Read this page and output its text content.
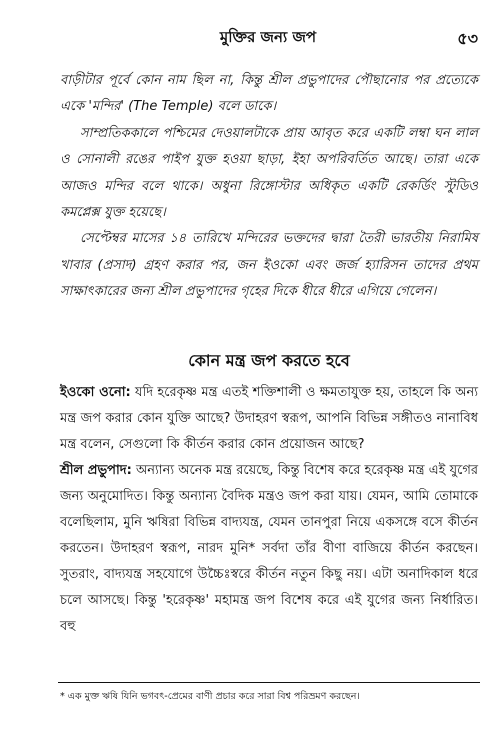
মুক্তির জন্য জপ	৫৩

বাড়ীটার পূর্বে কোন নাম ছিল না, কিন্তু শ্রীল প্রভুপাদের পৌছানোর পর প্রত্যেকে একে 'মন্দির' (The Temple) বলে ডাকে।

সাম্প্রতিককালে পশ্চিমের দেওয়ালটাকে প্রায় আবৃত করে একটি লম্বা ঘন লাল ও সোনালী রঙের পাইপ যুক্ত হওয়া ছাড়া, ইহা অপরিবর্তিত আছে। তারা একে আজও মন্দির বলে থাকে। অধুনা রিঙ্গোস্টার অধিকৃত একটি রেকর্ডিং স্টুডিও কমপ্লেক্স যুক্ত হয়েছে।

সেপ্টেম্বর মাসের ১৪ তারিখে মন্দিরের ভক্তদের দ্বারা তৈরী ভারতীয় নিরামিষ খাবার (প্রসাদ) গ্রহণ করার পর, জন ইওকো এবং জর্জ হ্যারিসন তাদের প্রথম সাক্ষাৎকারের জন্য শ্রীল প্রভুপাদের গৃহের দিকে ধীরে ধীরে এগিয়ে গেলেন।

কোন মন্ত্র জপ করতে হবে

ইওকো ওনো: যদি হরেকৃষ্ণ মন্ত্র এতই শক্তিশালী ও ক্ষমতাযুক্ত হয়, তাহলে কি অন্য মন্ত্র জপ করার কোন যুক্তি আছে? উদাহরণ স্বরূপ, আপনি বিভিন্ন সঙ্গীতও নানাবিধ মন্ত্র বলেন, সেগুলো কি কীর্তন করার কোন প্রয়োজন আছে?

শ্রীল প্রভুপাদ: অন্যান্য অনেক মন্ত্র রয়েছে, কিন্তু বিশেষ করে হরেকৃষ্ণ মন্ত্র এই যুগের জন্য অনুমোদিত। কিন্তু অন্যান্য বৈদিক মন্ত্রও জপ করা যায়। যেমন, আমি তোমাকে বলেছিলাম, মুনি ঋষিরা বিভিন্ন বাদ্যযন্ত্র, যেমন তানপুরা নিয়ে একসঙ্গে বসে কীর্তন করতেন। উদাহরণ স্বরূপ, নারদ মুনি* সর্বদা তাঁর বীণা বাজিয়ে কীর্তন করছেন। সুতরাং, বাদ্যযন্ত্র সহযোগে উচ্চৈঃস্বরে কীর্তন নতুন কিছু নয়। এটা অনাদিকাল ধরে চলে আসছে। কিন্তু 'হরেকৃষ্ণ' মহামন্ত্র জপ বিশেষ করে এই যুগের জন্য নির্ধারিত। বহু

* এক মুক্ত ঋষি যিনি ভগবৎ-প্রেমের বাণী প্রচার করে সারা বিশ্ব পরিভ্রমণ করছেন।
